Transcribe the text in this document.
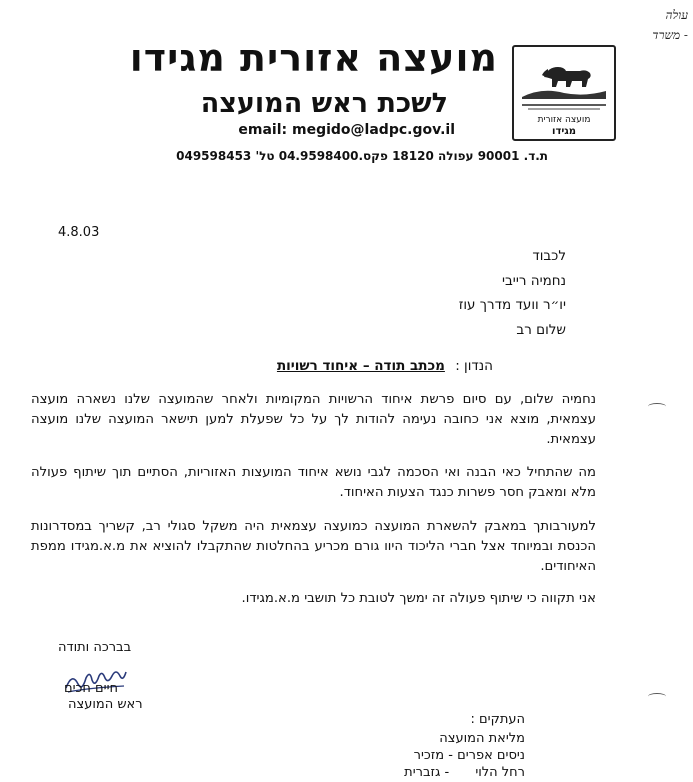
עולה
- משרד
מועצה אזורית מגידו
לשכת ראש המועצה
email: megido@ladpc.gov.il
ת.ד. 90001 עפולה 18120 פקס.04.9598400 טל' 049598453
מועצה אזורית
מגידו
4.8.03
לכבוד
נחמיה רייבי
יו״ר וועד מדרך עוז
שלום רב
הנדון : מכתב תודה – איחוד רשויות
נחמיה שלום, עם סיום פרשת איחוד הרשויות המקומיות ולאחר שהמועצה שלנו נשארה מועצה עצמאית, מוצא אני כחובה נעימה להודות לך על כל שפעלת למען תישאר המועצה שלנו מועצה עצמאית.
מה שהתחיל כאי הבנה ואי הסכמה לגבי נושא איחוד המועצות האזוריות, הסתיים תוך שיתוף פעולה מלא ומאבק חסר פשרות כנגד הצעות האיחוד.
למעורבותך במאבק להשארת המועצה כמועצה עצמאית היה משקל סגולי רב, קשריך במסדרונות הכנסת ובמיוחד אצל חברי הליכוד היוו גורם מכריע בהחלטות שהתקבלו להוציא את מ.א.מגידו ממפת האיחודים.
אני תקווה כי שיתוף פעולה זה ימשך לטובת כל תושבי מ.א.מגידו.
בברכה ותודה
חיים חכים
ראש המועצה
העתקים :
מליאת המועצה
ניסים אפרים - מזכיר
רחל הלוי - גזברית
